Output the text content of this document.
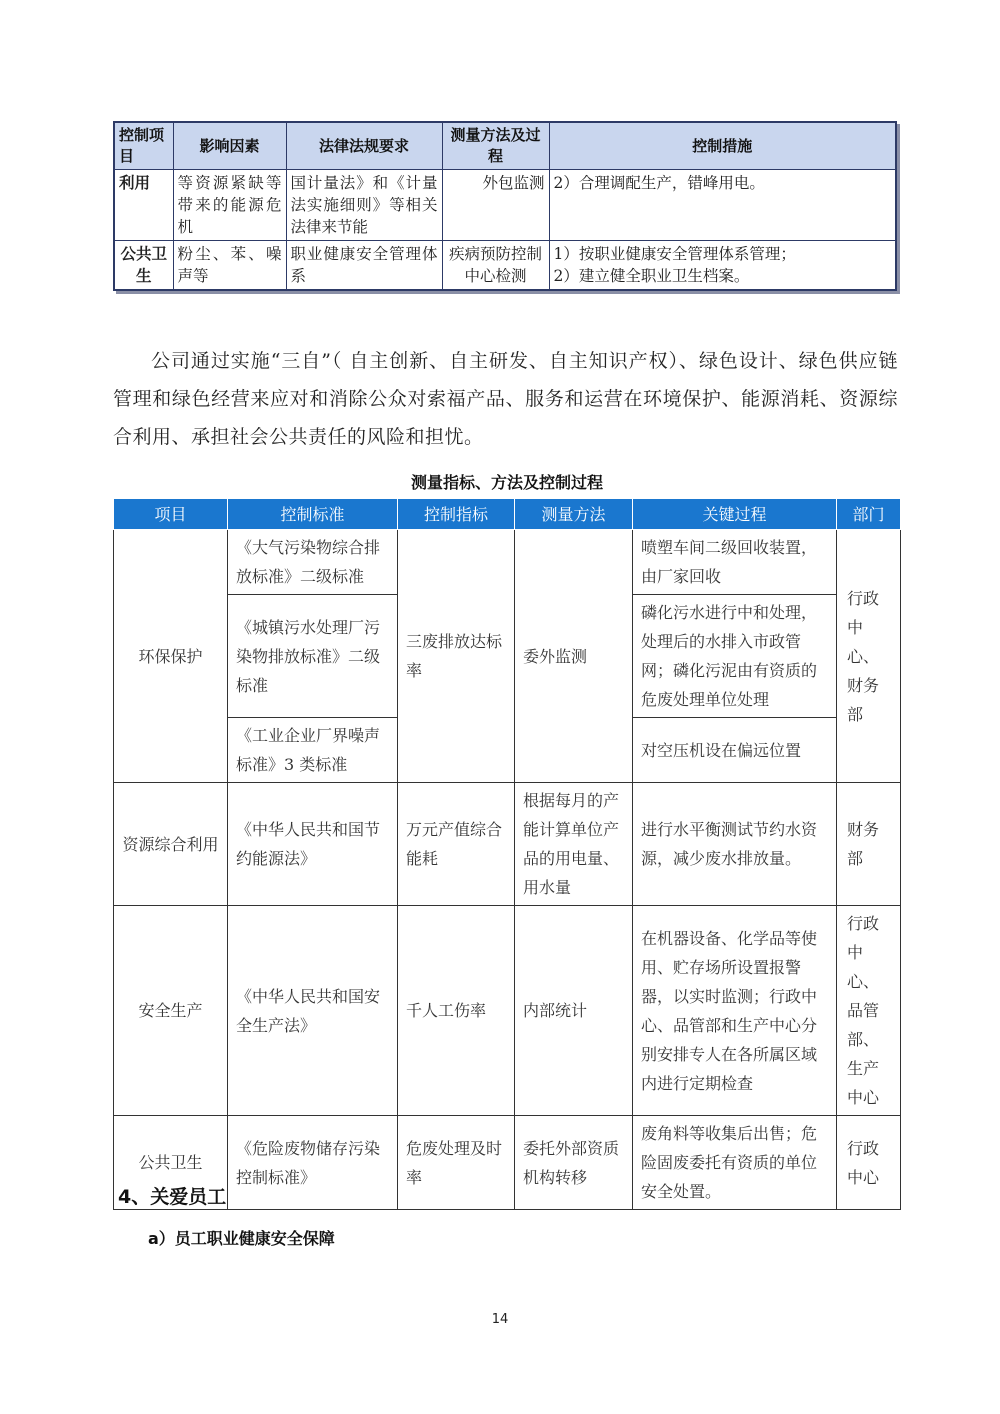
控制项目	影响因素	法律法规要求	测量方法及过程	控制措施
利用	等资源紧缺等带来的能源危机	国计量法》和《计量法实施细则》等相关法律来节能	外包监测	2）合理调配生产，错峰用电。

公共卫生	粉尘、苯、噪声等	职业健康安全管理体系	疾病预防控制中心检测	1）按职业健康安全管理体系管理；
2）建立健全职业卫生档案。

公司通过实施“三自”（ 自主创新、自主研发、自主知识产权）、绿色设计、绿色供应链管理和绿色经营来应对和消除公众对索福产品、服务和运营在环境保护、能源消耗、资源综合利用、承担社会公共责任的风险和担忧。

测量指标、方法及控制过程

项目	控制标准	控制指标	测量方法	关键过程	部门
环保保护	《大气污染物综合排放标准》二级标准	三废排放达标率	委外监测	喷塑车间二级回收装置，由厂家回收	行政中心、财务部
	《城镇污水处理厂污染物排放标准》二级标准			磷化污水进行中和处理，处理后的水排入市政管网；磷化污泥由有资质的危废处理单位处理	
	《工业企业厂界噪声标准》3 类标准			对空压机设在偏远位置	
资源综合利用	《中华人民共和国节约能源法》	万元产值综合能耗	根据每月的产能计算单位产品的用电量、用水量	进行水平衡测试节约水资源，减少废水排放量。	财务部
安全生产	《中华人民共和国安全生产法》	千人工伤率	内部统计	在机器设备、化学品等使用、贮存场所设置报警器，以实时监测；行政中心、品管部和生产中心分别安排专人在各所属区域内进行定期检查	行政中心、品管部、生产中心
公共卫生	《危险废物储存污染控制标准》	危废处理及时率	委托外部资质机构转移	废角料等收集后出售；危险固废委托有资质的单位安全处置。	行政中心
4、关爱员工
a）员工职业健康安全保障

14
